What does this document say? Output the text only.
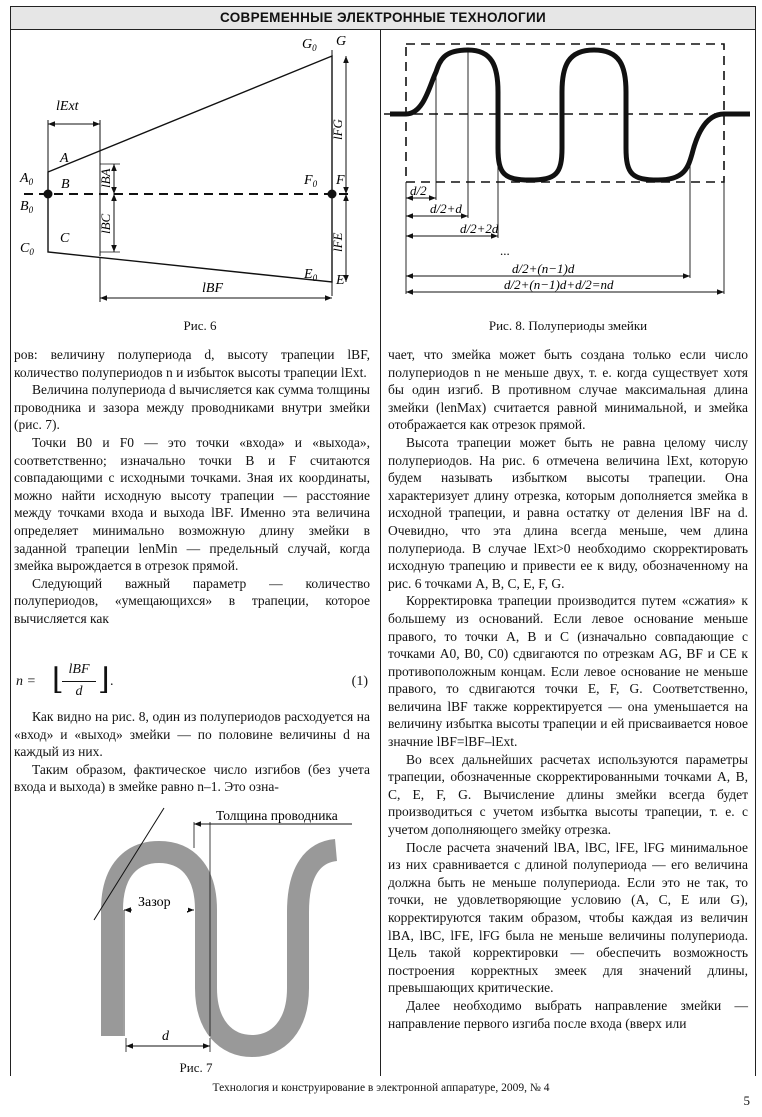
СОВРЕМЕННЫЕ ЭЛЕКТРОННЫЕ ТЕХНОЛОГИИ
lExt
$A_0$
$B_0$
$C_0$
A
B
C
$G_0$ G
$F_0$ F
$E_0$ E
lBA
lBC
lFG
lFE
lBF
Рис. 6
d/2
d/2+d
d/2+2d
...
d/2+(n−1)d
d/2+(n−1)d+d/2=nd
Рис. 8. Полупериоды змейки

ров: величину полупериода d, высоту трапеции lBF, количество полупериодов n и избыток высоты трапеции lExt.

Величина полупериода d вычисляется как сумма толщины проводника и зазора между проводниками внутри змейки (рис. 7).

Точки B0 и F0 — это точки «входа» и «выхода», соответственно; изначально точки B и F считаются совпадающими с исходными точками. Зная их координаты, можно найти исходную высоту трапеции — расстояние между точками входа и выхода lBF. Именно эта величина определяет минимально возможную длину змейки в заданной трапеции lenMin — предельный случай, когда змейка вырождается в отрезок прямой.

Следующий важный параметр — количество полупериодов, «умещающихся» в трапеции, которое вычисляется как

n = ⌊ lBF
d ⌋ .	(1)

Как видно на рис. 8, один из полупериодов расходуется на «вход» и «выход» змейки — по половине величины d на каждый из них.

Таким образом, фактическое число изгибов (без учета входа и выхода) в змейке равно n–1. Это озна-

Зазор
Толщина проводника
d
Рис. 7

чает, что змейка может быть создана только если число полупериодов n не меньше двух, т. е. когда существует хотя бы один изгиб. В противном случае максимальная длина змейки (lenMax) считается равной минимальной, и змейка отображается как отрезок прямой.

Высота трапеции может быть не равна целому числу полупериодов. На рис. 6 отмечена величина lExt, которую будем называть избытком высоты трапеции. Она характеризует длину отрезка, которым дополняется змейка в исходной трапеции, и равна остатку от деления lBF на d. Очевидно, что эта длина всегда меньше, чем длина полупериода. В случае lExt>0 необходимо скорректировать исходную трапецию и привести ее к виду, обозначенному на рис. 6 точками A, B, C, E, F, G.

Корректировка трапеции производится путем «сжатия» к большему из оснований. Если левое основание меньше правого, то точки A, B и C (изначально совпадающие с точками A0, B0, C0) сдвигаются по отрезкам AG, BF и CE к противоположным концам. Если левое основание не меньше правого, то сдвигаются точки E, F, G. Соответственно, величина lBF также корректируется — она уменьшается на величину избытка высоты трапеции и ей присваивается новое значние lBF=lBF–lExt.

Во всех дальнейших расчетах используются параметры трапеции, обозначенные скорректированными точками A, B, C, E, F, G. Вычисление длины змейки всегда будет производиться с учетом избытка высоты трапеции, т. е. с учетом дополняющего змейку отрезка.

После расчета значений lBA, lBC, lFE, lFG минимальное из них сравнивается с длиной полупериода — его величина должна быть не меньше полупериода. Если это не так, то точки, не удовлетворяющие условию (A, C, E или G), корректируются таким образом, чтобы каждая из величин lBA, lBC, lFE, lFG была не меньше величины полупериода. Цель такой корректировки — обеспечить возможность построения корректных змеек для значений длины, превышающих критические.

Далее необходимо выбрать направление змейки — направление первого изгиба после входа (вверх или

Технология и конструирование в электронной аппаратуре, 2009, № 4
5
